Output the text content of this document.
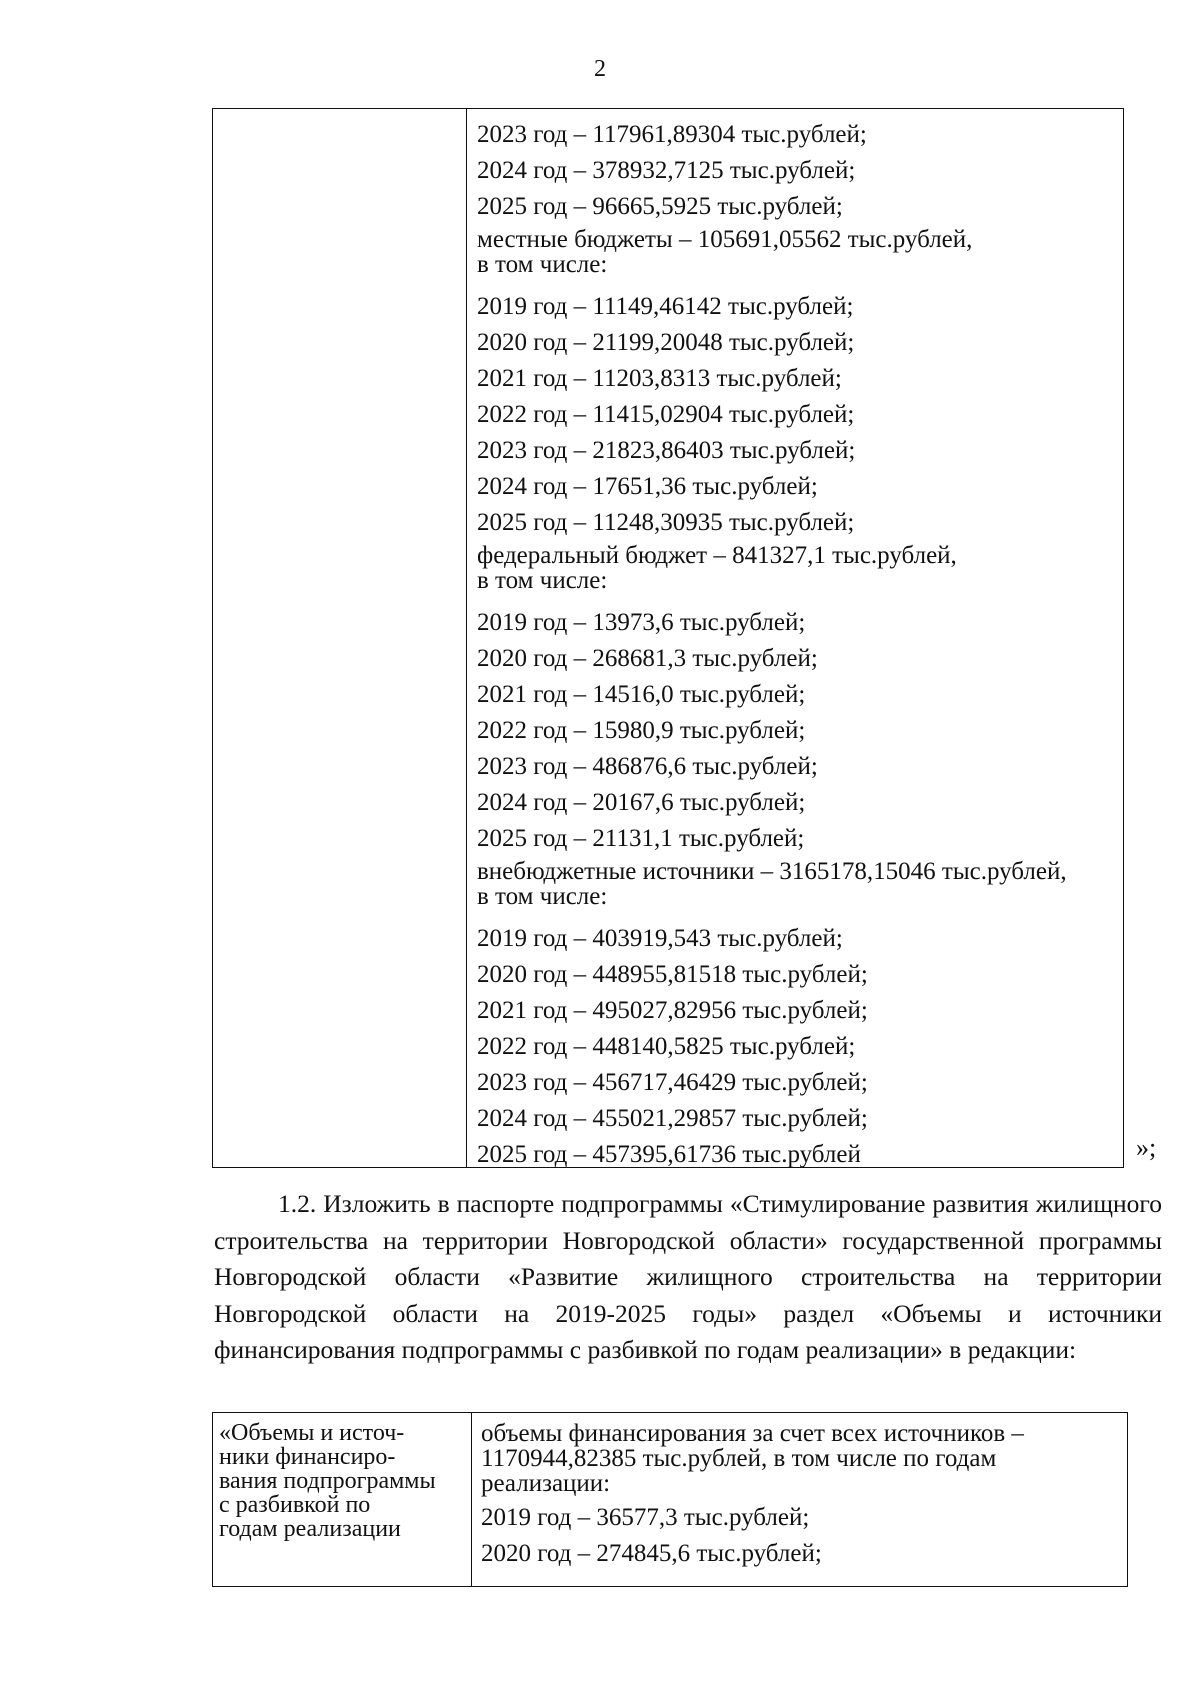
2
2023 год – 117961,89304 тыс.рублей;
2024 год – 378932,7125 тыс.рублей;
2025 год – 96665,5925 тыс.рублей;
местные бюджеты – 105691,05562 тыс.рублей,
в том числе:
2019 год – 11149,46142 тыс.рублей;
2020 год – 21199,20048 тыс.рублей;
2021 год – 11203,8313 тыс.рублей;
2022 год – 11415,02904 тыс.рублей;
2023 год – 21823,86403 тыс.рублей;
2024 год – 17651,36 тыс.рублей;
2025 год – 11248,30935 тыс.рублей;
федеральный бюджет – 841327,1 тыс.рублей,
в том числе:
2019 год – 13973,6 тыс.рублей;
2020 год – 268681,3 тыс.рублей;
2021 год – 14516,0 тыс.рублей;
2022 год – 15980,9 тыс.рублей;
2023 год – 486876,6 тыс.рублей;
2024 год – 20167,6 тыс.рублей;
2025 год – 21131,1 тыс.рублей;
внебюджетные источники – 3165178,15046 тыс.рублей,
в том числе:
2019 год – 403919,543 тыс.рублей;
2020 год – 448955,81518 тыс.рублей;
2021 год – 495027,82956 тыс.рублей;
2022 год – 448140,5825 тыс.рублей;
2023 год – 456717,46429 тыс.рублей;
2024 год – 455021,29857 тыс.рублей;
2025 год – 457395,61736 тыс.рублей	»;
1.2. Изложить в паспорте подпрограммы «Стимулирование развития жилищного строительства на территории Новгородской области» государственной программы Новгородской области «Развитие жилищного строительства на территории Новгородской области на 2019-2025 годы» раздел «Объемы и источники финансирования подпрограммы с разбивкой по годам реализации» в редакции:
«Объемы и источ-
ники финансиро-
вания подпрограммы
с разбивкой по
годам реализации
объемы финансирования за счет всех источников –
1170944,82385 тыс.рублей, в том числе по годам
реализации:
2019 год – 36577,3 тыс.рублей;
2020 год – 274845,6 тыс.рублей;
